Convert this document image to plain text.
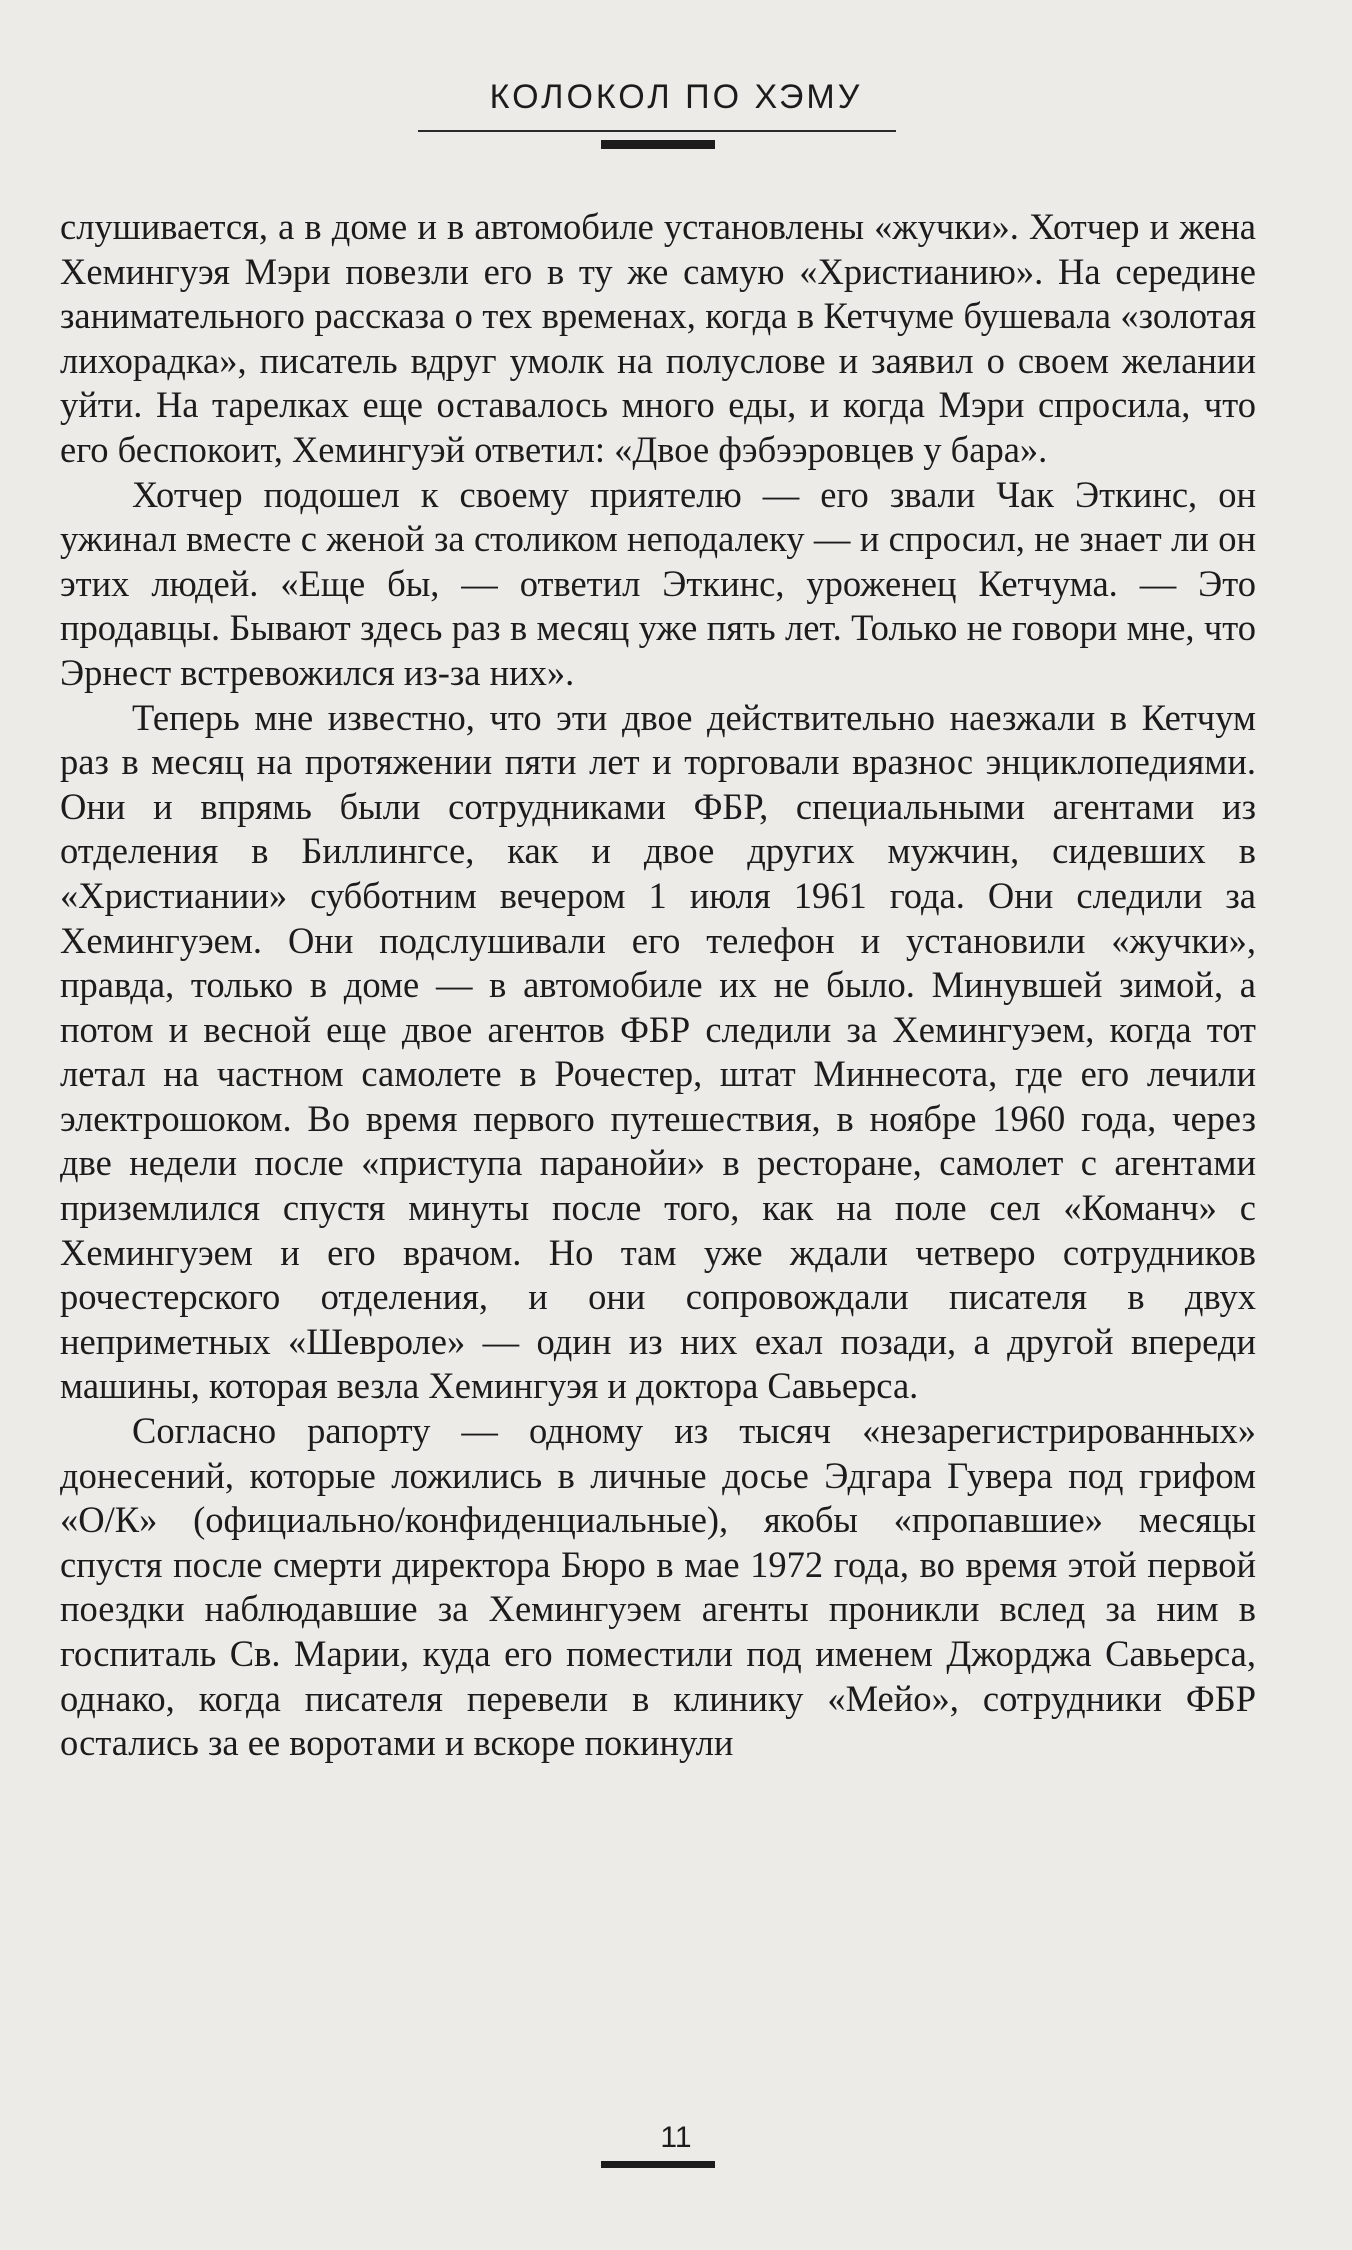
КОЛОКОЛ ПО ХЭМУ

слушивается, а в доме и в автомобиле установлены «жучки». Хотчер и жена Хемингуэя Мэри повезли его в ту же самую «Христианию». На середине занимательного рассказа о тех временах, когда в Кетчуме бушевала «золотая лихорадка», писатель вдруг умолк на полуслове и заявил о своем желании уйти. На тарелках еще оставалось много еды, и когда Мэри спросила, что его беспокоит, Хемингуэй ответил: «Двое фэбээровцев у бара».

Хотчер подошел к своему приятелю — его звали Чак Эткинс, он ужинал вместе с женой за столиком неподалеку — и спросил, не знает ли он этих людей. «Еще бы, — ответил Эткинс, уроженец Кетчума. — Это продавцы. Бывают здесь раз в месяц уже пять лет. Только не говори мне, что Эрнест встревожился из-за них».

Теперь мне известно, что эти двое действительно наезжали в Кетчум раз в месяц на протяжении пяти лет и торговали вразнос энциклопедиями. Они и впрямь были сотрудниками ФБР, специальными агентами из отделения в Биллингсе, как и двое других мужчин, сидевших в «Христиании» субботним вечером 1 июля 1961 года. Они следили за Хемингуэем. Они подслушивали его телефон и установили «жучки», правда, только в доме — в автомобиле их не было. Минувшей зимой, а потом и весной еще двое агентов ФБР следили за Хемингуэем, когда тот летал на частном самолете в Рочестер, штат Миннесота, где его лечили электрошоком. Во время первого путешествия, в ноябре 1960 года, через две недели после «приступа паранойи» в ресторане, самолет с агентами приземлился спустя минуты после того, как на поле сел «Команч» с Хемингуэем и его врачом. Но там уже ждали четверо сотрудников рочестерского отделения, и они сопровождали писателя в двух неприметных «Шевроле» — один из них ехал позади, а другой впереди машины, которая везла Хемингуэя и доктора Савьерса.

Согласно рапорту — одному из тысяч «незарегистрированных» донесений, которые ложились в личные досье Эдгара Гувера под грифом «О/К» (официально/конфиденциальные), якобы «пропавшие» месяцы спустя после смерти директора Бюро в мае 1972 года, во время этой первой поездки наблюдавшие за Хемингуэем агенты проникли вслед за ним в госпиталь Св. Марии, куда его поместили под именем Джорджа Савьерса, однако, когда писателя перевели в клинику «Мейо», сотрудники ФБР остались за ее воротами и вскоре покинули

11
